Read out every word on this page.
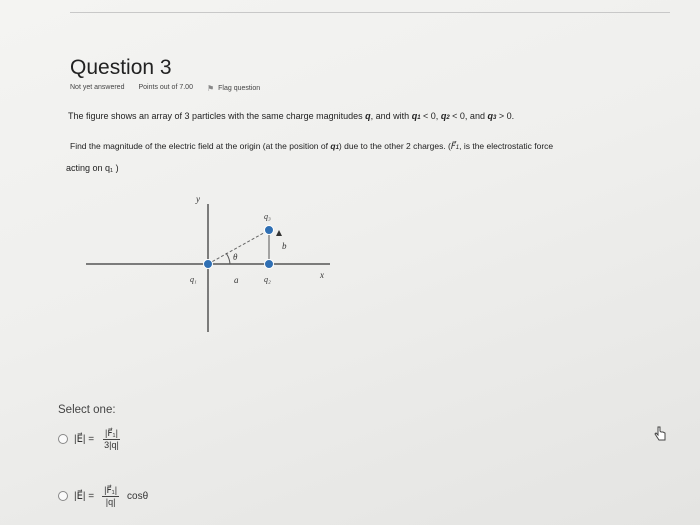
Question 3
Not yet answered Points out of 7.00 ⚑ Flag question
The figure shows an array of 3 particles with the same charge magnitudes q, and with q1 < 0, q2 < 0, and q3 > 0.
Find the magnitude of the electric field at the origin (at the position of q1) due to the other 2 charges. (F⃗1, is the electrostatic force
acting on q₁ )
y
x
q₁	q₂
q₃
a
b
θ
Select one:
|E⃗| = $\frac{\text{|F⃗₁|}}{3|q|}$
|E⃗| = $\frac{\text{|F⃗₁|}}{|q|}$ cosθ
